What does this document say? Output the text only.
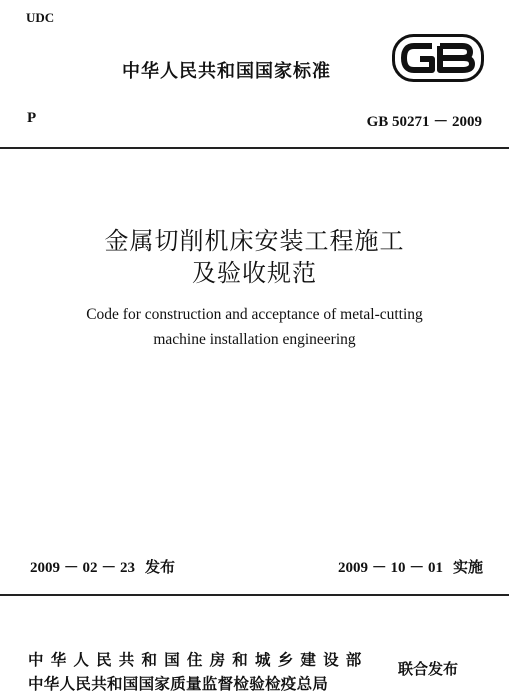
UDC
中华人民共和国国家标准
P	GB 50271 － 2009
金属切削机床安装工程施工
及验收规范
Code for construction and acceptance of metal-cutting
machine installation engineering
2009 － 02 － 23 发布	2009 － 10 － 01 实施
中华人民共和国住房和城乡建设部
中华人民共和国国家质量监督检验检疫总局
联合发布
